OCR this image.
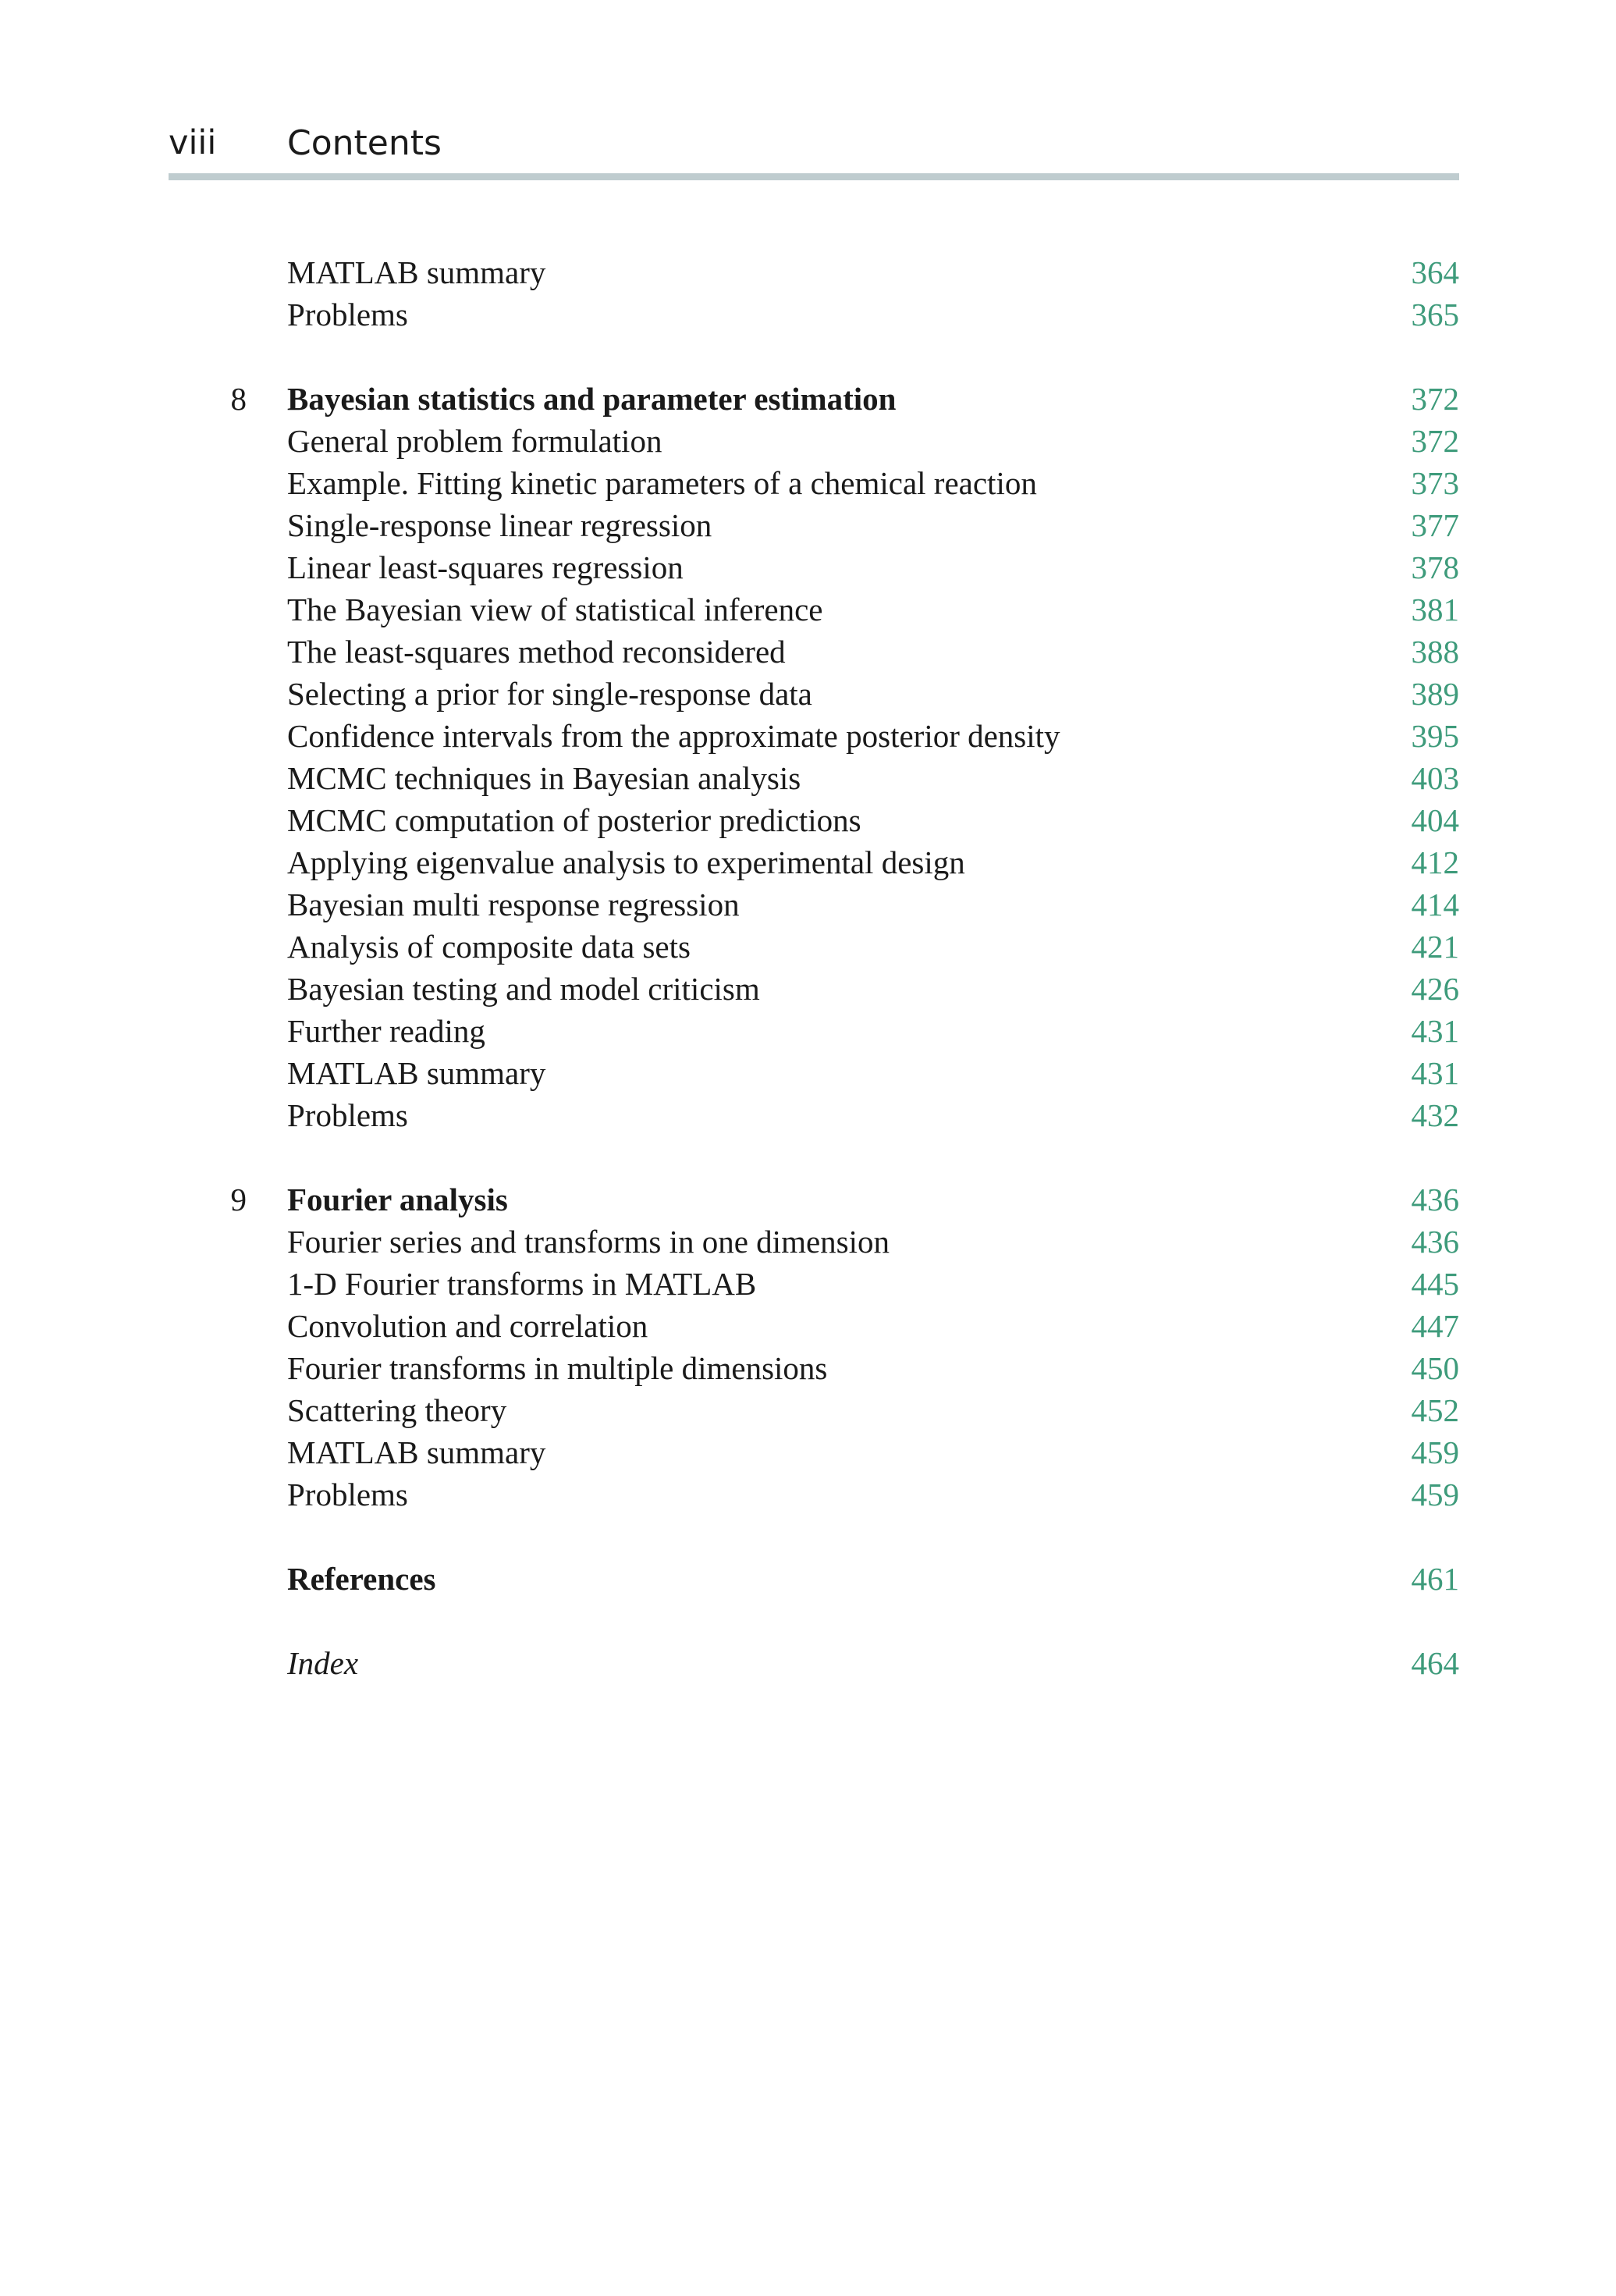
viii Contents
MATLAB summary	364
Problems	365
8 Bayesian statistics and parameter estimation	372
General problem formulation	372
Example. Fitting kinetic parameters of a chemical reaction	373
Single-response linear regression	377
Linear least-squares regression	378
The Bayesian view of statistical inference	381
The least-squares method reconsidered	388
Selecting a prior for single-response data	389
Confidence intervals from the approximate posterior density	395
MCMC techniques in Bayesian analysis	403
MCMC computation of posterior predictions	404
Applying eigenvalue analysis to experimental design	412
Bayesian multi response regression	414
Analysis of composite data sets	421
Bayesian testing and model criticism	426
Further reading	431
MATLAB summary	431
Problems	432
9 Fourier analysis	436
Fourier series and transforms in one dimension	436
1-D Fourier transforms in MATLAB	445
Convolution and correlation	447
Fourier transforms in multiple dimensions	450
Scattering theory	452
MATLAB summary	459
Problems	459
References	461
Index	464
